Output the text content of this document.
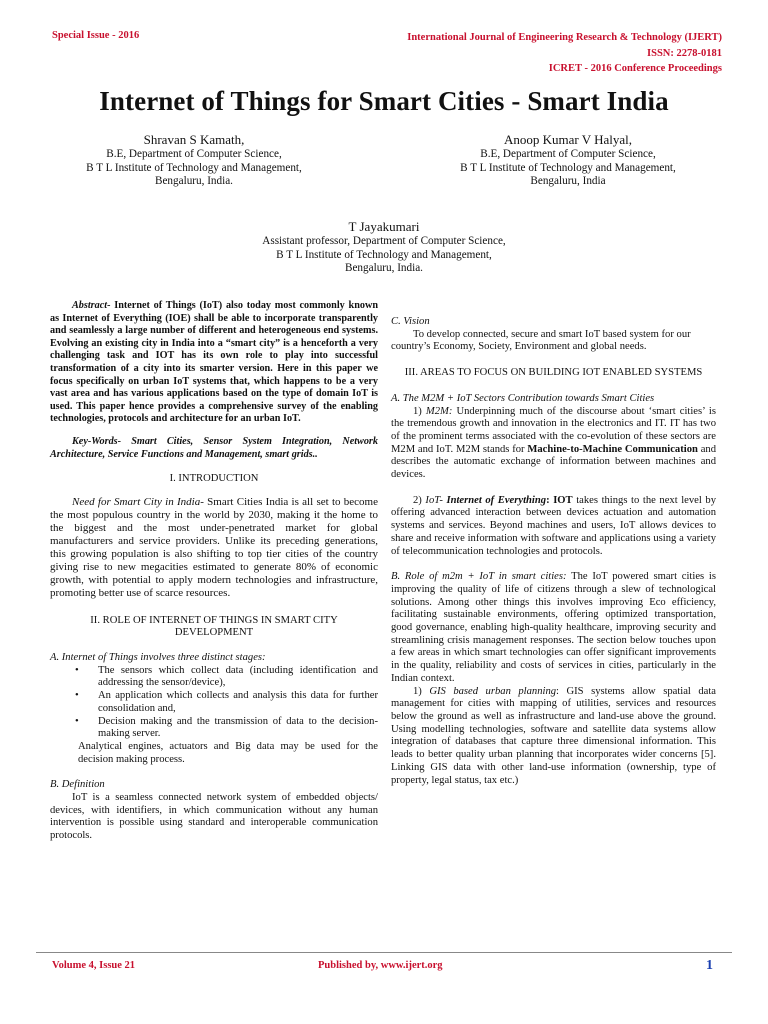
Special Issue - 2016	International Journal of Engineering Research & Technology (IJERT)
ISSN: 2278-0181
ICRET - 2016 Conference Proceedings
Internet of Things for Smart Cities - Smart India
Shravan S Kamath,
B.E, Department of Computer Science,
B T L Institute of Technology and Management,
Bengaluru, India.
Anoop Kumar V Halyal,
B.E, Department of Computer Science,
B T L Institute of Technology and Management,
Bengaluru, India
T Jayakumari
Assistant professor, Department of Computer Science,
B T L Institute of Technology and Management,
Bengaluru, India.

Abstract- Internet of Things (IoT) also today most commonly known as Internet of Everything (IOE) shall be able to incorporate transparently and seamlessly a large number of different and heterogeneous end systems. Evolving an existing city in India into a “smart city” is a henceforth a very challenging task and IOT has its own role to play into successful transformation of a city into its smarter version. Here in this paper we focus specifically on urban IoT systems that, which happens to be a very vast area and has various applications based on the type of domain IoT is used. This paper hence provides a comprehensive survey of the enabling technologies, protocols and architecture for an urban IoT.

Key-Words- Smart Cities, Sensor System Integration, Network Architecture, Service Functions and Management, smart grids..

I. INTRODUCTION

Need for Smart City in India- Smart Cities India is all set to become the most populous country in the world by 2030, making it the home to the biggest and the most under-penetrated market for global manufacturers and service providers. Unlike its preceding generations, this growing population is also shifting to top tier cities of the country giving rise to new megacities estimated to generate 80% of economic growth, with potential to apply modern technologies and infrastructure, promoting better use of scarce resources.

II. ROLE OF INTERNET OF THINGS IN SMART CITY DEVELOPMENT

A. Internet of Things involves three distinct stages:

• The sensors which collect data (including identification and addressing the sensor/device),
• An application which collects and analysis this data for further consolidation and,
• Decision making and the transmission of data to the decision-making server.

Analytical engines, actuators and Big data may be used for the decision making process.

B. Definition

IoT is a seamless connected network system of embedded objects/ devices, with identifiers, in which communication without any human intervention is possible using standard and interoperable communication protocols.

C. Vision

To develop connected, secure and smart IoT based system for our country’s Economy, Society, Environment and global needs.

III. AREAS TO FOCUS ON BUILDING IOT ENABLED SYSTEMS

A. The M2M + IoT Sectors Contribution towards Smart Cities

1) M2M: Underpinning much of the discourse about ‘smart cities’ is the tremendous growth and innovation in the electronics and IT. IT has two of the prominent terms associated with the co-evolution of these sectors are M2M and IoT. M2M stands for Machine-to-Machine Communication and describes the automatic exchange of information between machines and devices.

2) IoT- Internet of Everything: IOT takes things to the next level by offering advanced interaction between devices actuation and automation systems and services. Beyond machines and users, IoT allows devices to share and receive information with software and applications using a variety of telecommunication technologies and protocols.

B. Role of m2m + IoT in smart cities: The IoT powered smart cities is improving the quality of life of citizens through a slew of technological solutions. Among other things this involves improving Eco efficiency, facilitating sustainable environments, offering optimized transportation, good governance, enabling high-quality healthcare, improving security and streamlining crisis management responses. The section below touches upon a few areas in which smart technologies can offer significant improvements in the quality, reliability and costs of services in cities, particularly in the Indian context.

1) GIS based urban planning: GIS systems allow spatial data management for cities with mapping of utilities, services and resources below the ground as well as infrastructure and land-use above the ground. Using modelling technologies, software and satellite data systems allow integration of databases that capture three dimensional information. This leads to better quality urban planning that incorporates wider concerns [5]. Linking GIS data with other land-use information (ownership, type of property, legal status, tax etc.)

Volume 4, Issue 21	Published by, www.ijert.org	1
